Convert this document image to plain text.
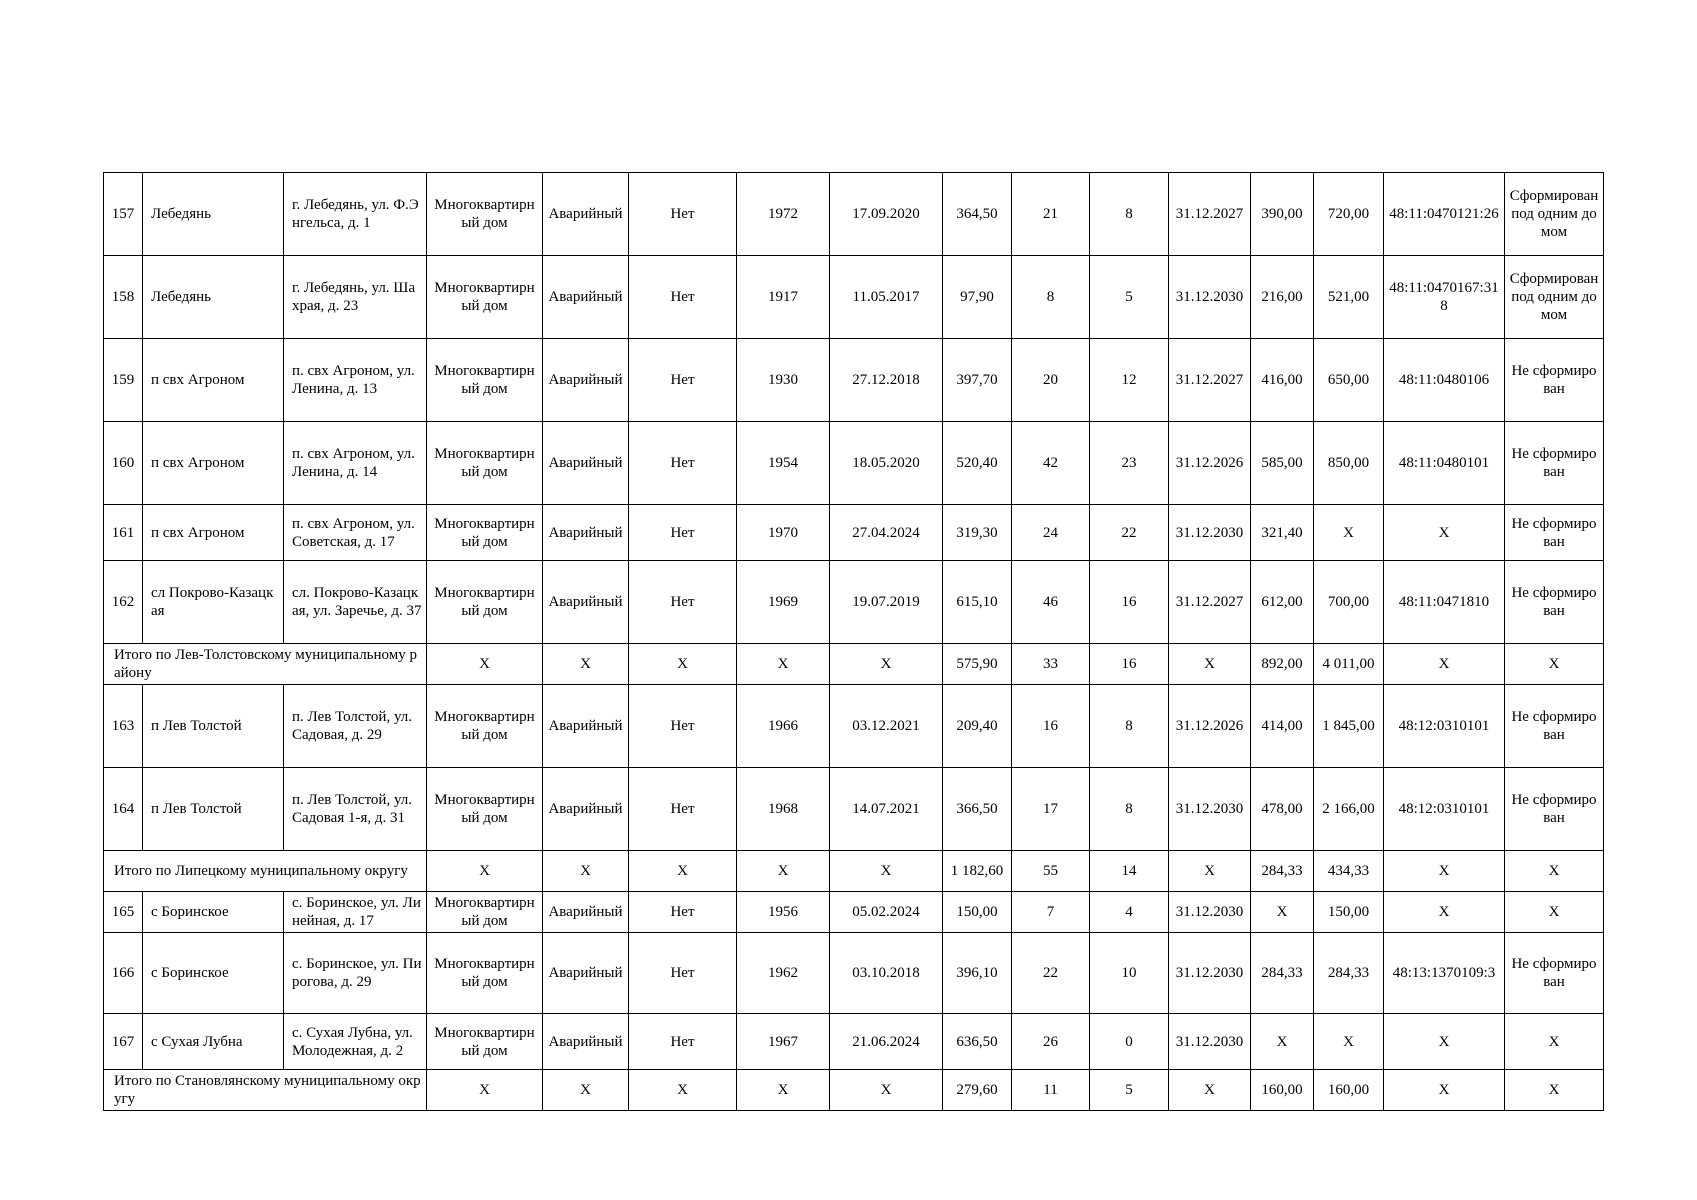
157	Лебедянь	г. Лебедянь, ул. Ф.Энгельса, д. 1	Многоквартирный дом	Аварийный	Нет	1972	17.09.2020	364,50	21	8	31.12.2027	390,00	720,00	48:11:0470121:26	Сформирован под одним домом
158	Лебедянь	г. Лебедянь, ул. Шахрая, д. 23	Многоквартирный дом	Аварийный	Нет	1917	11.05.2017	97,90	8	5	31.12.2030	216,00	521,00	48:11:0470167:318	Сформирован под одним домом
159	п свх Агроном	п. свх Агроном, ул. Ленина, д. 13	Многоквартирный дом	Аварийный	Нет	1930	27.12.2018	397,70	20	12	31.12.2027	416,00	650,00	48:11:0480106	Не сформирован
160	п свх Агроном	п. свх Агроном, ул. Ленина, д. 14	Многоквартирный дом	Аварийный	Нет	1954	18.05.2020	520,40	42	23	31.12.2026	585,00	850,00	48:11:0480101	Не сформирован
161	п свх Агроном	п. свх Агроном, ул. Советская, д. 17	Многоквартирный дом	Аварийный	Нет	1970	27.04.2024	319,30	24	22	31.12.2030	321,40	X	X	Не сформирован
162	сл Покрово-Казацкая	сл. Покрово-Казацкая, ул. Заречье, д. 37	Многоквартирный дом	Аварийный	Нет	1969	19.07.2019	615,10	46	16	31.12.2027	612,00	700,00	48:11:0471810	Не сформирован
Итого по Лев-Толстовскому муниципальному району			X	X	X	X	X	575,90	33	16	X	892,00	4 011,00	X	X
163	п Лев Толстой	п. Лев Толстой, ул. Садовая, д. 29	Многоквартирный дом	Аварийный	Нет	1966	03.12.2021	209,40	16	8	31.12.2026	414,00	1 845,00	48:12:0310101	Не сформирован
164	п Лев Толстой	п. Лев Толстой, ул. Садовая 1-я, д. 31	Многоквартирный дом	Аварийный	Нет	1968	14.07.2021	366,50	17	8	31.12.2030	478,00	2 166,00	48:12:0310101	Не сформирован
Итого по Липецкому муниципальному округу			X	X	X	X	X	1 182,60	55	14	X	284,33	434,33	X	X
165	с Боринское	с. Боринское, ул. Линейная, д. 17	Многоквартирный дом	Аварийный	Нет	1956	05.02.2024	150,00	7	4	31.12.2030	X	150,00	X	X
166	с Боринское	с. Боринское, ул. Пирогова, д. 29	Многоквартирный дом	Аварийный	Нет	1962	03.10.2018	396,10	22	10	31.12.2030	284,33	284,33	48:13:1370109:3	Не сформирован
167	с Сухая Лубна	с. Сухая Лубна, ул. Молодежная, д. 2	Многоквартирный дом	Аварийный	Нет	1967	21.06.2024	636,50	26	0	31.12.2030	X	X	X	X
Итого по Становлянскому муниципальному округу			X	X	X	X	X	279,60	11	5	X	160,00	160,00	X	X
